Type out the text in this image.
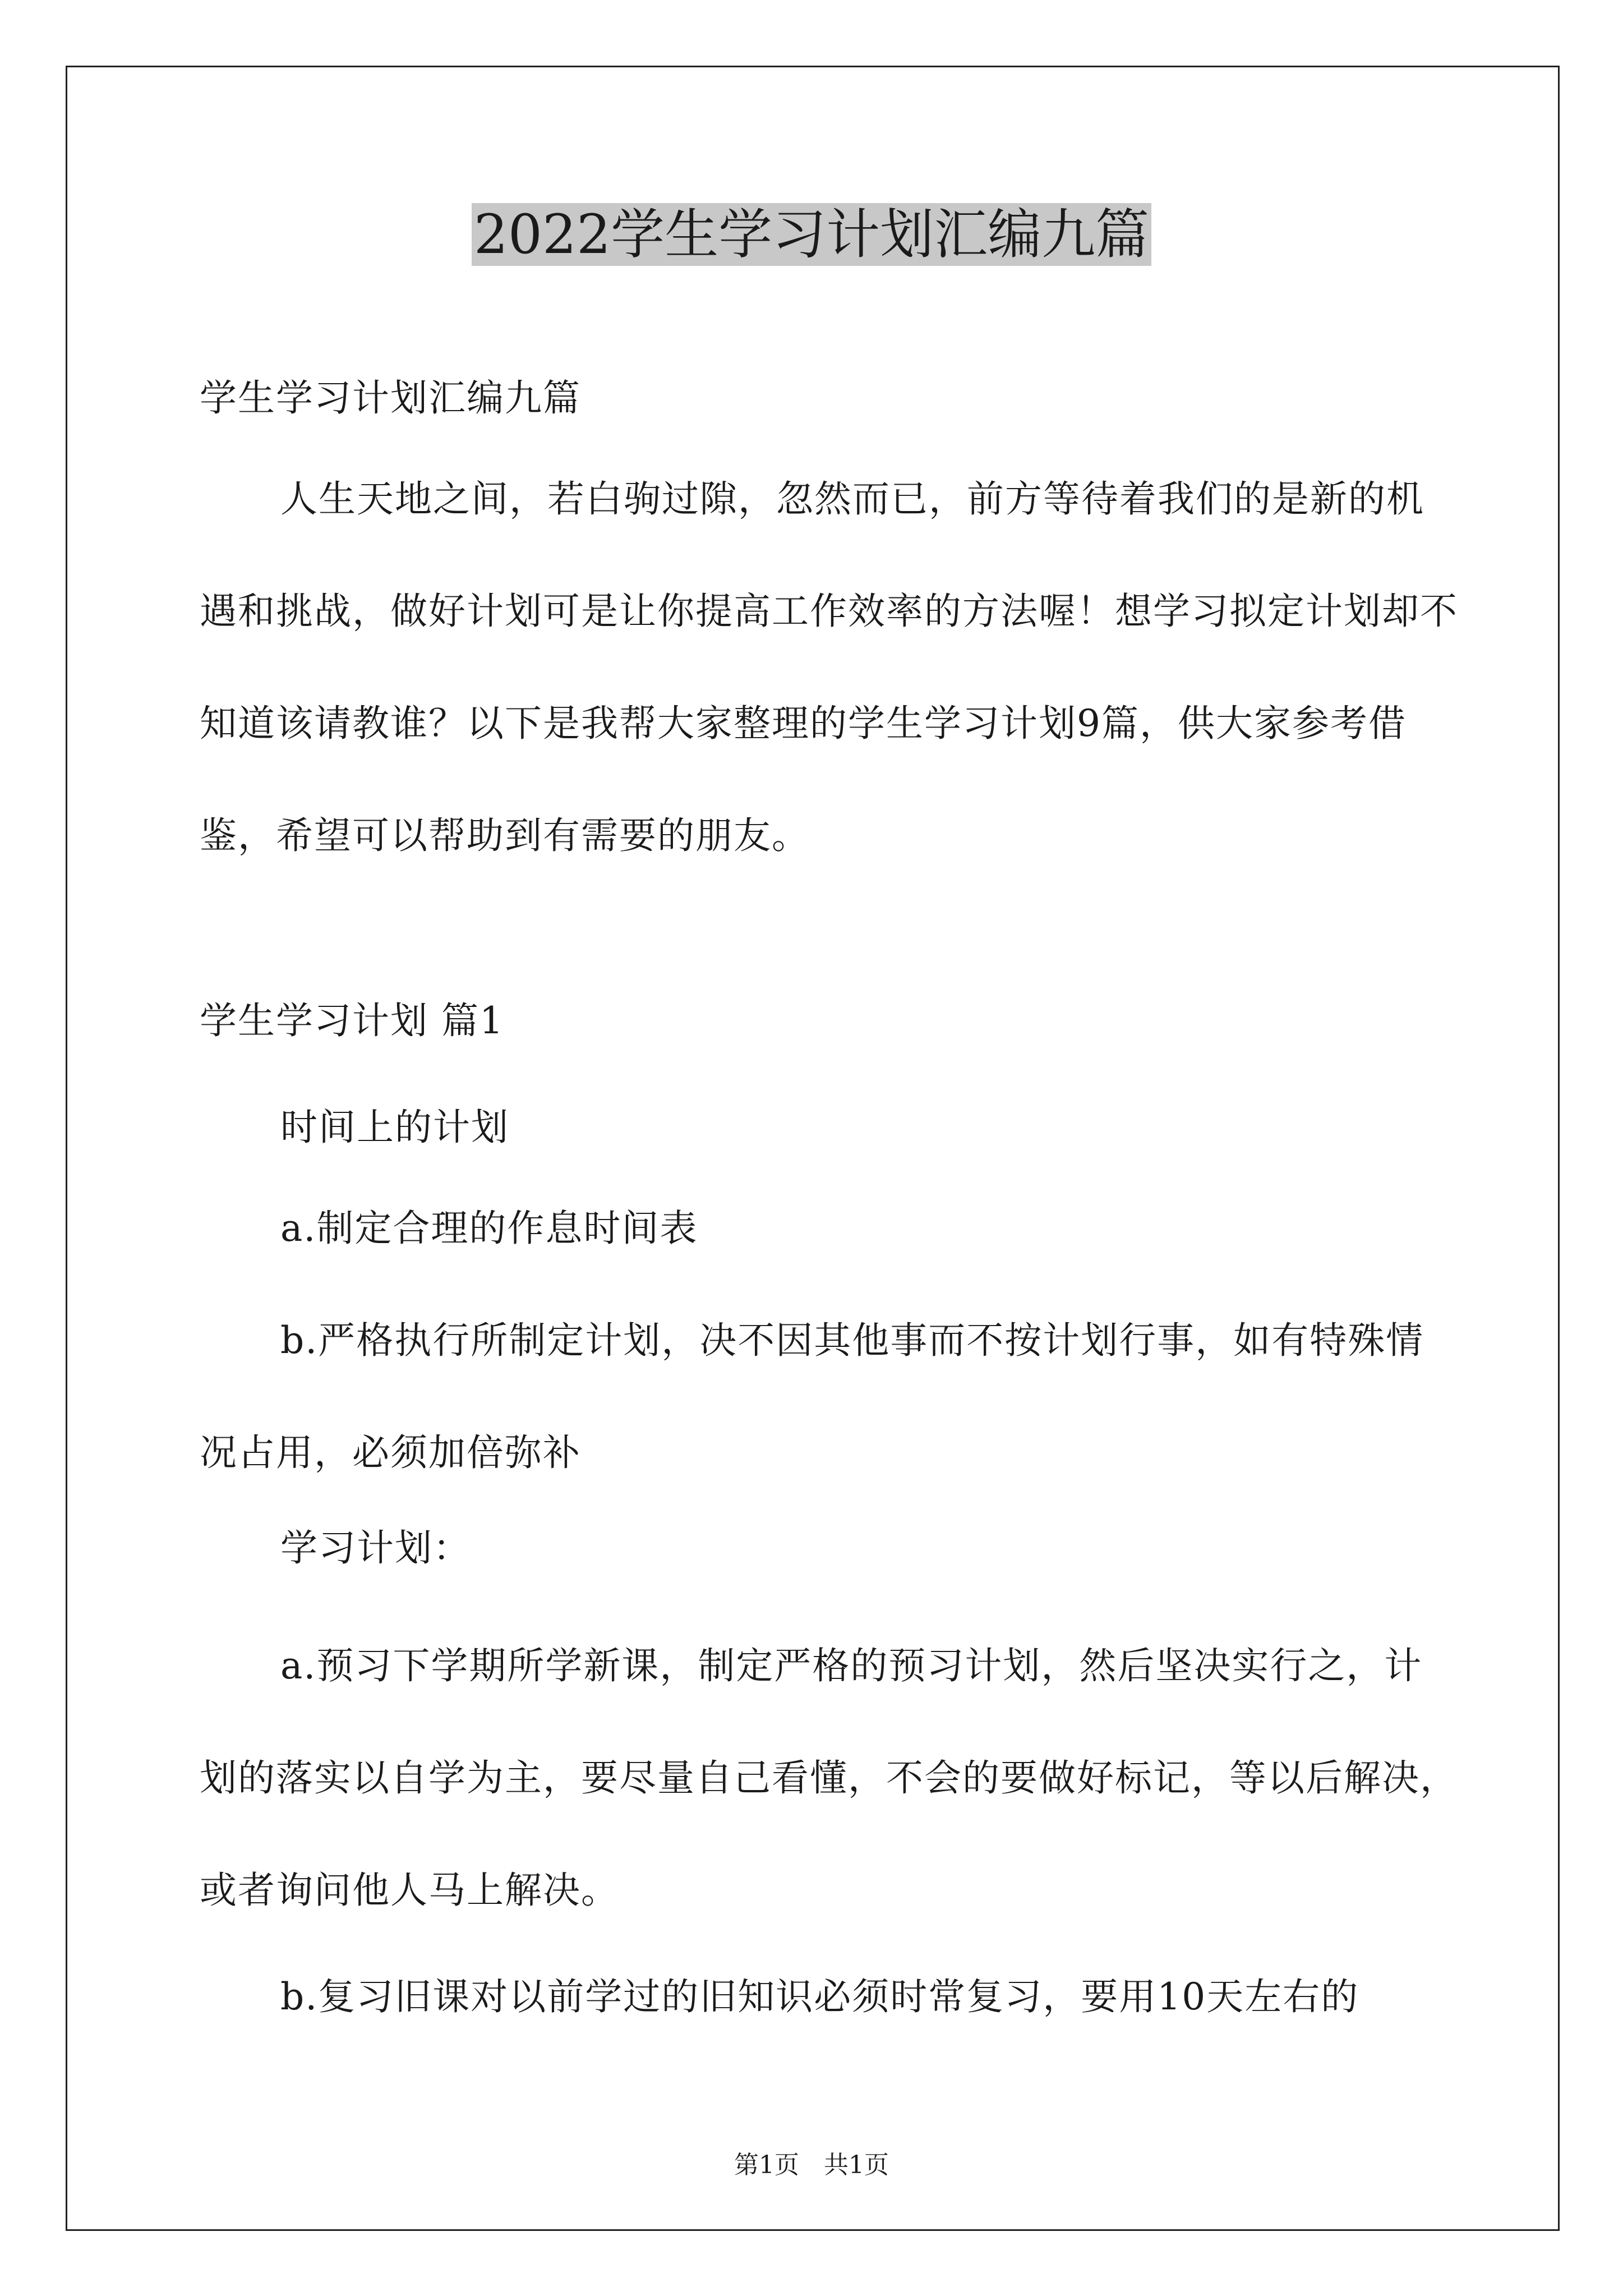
2022学生学习计划汇编九篇

学生学习计划汇编九篇

人生天地之间，若白驹过隙，忽然而已，前方等待着我们的是新的机遇和挑战，做好计划可是让你提高工作效率的方法喔！想学习拟定计划却不知道该请教谁？以下是我帮大家整理的学生学习计划9篇，供大家参考借鉴，希望可以帮助到有需要的朋友。

学生学习计划 篇1

时间上的计划

a.制定合理的作息时间表

b.严格执行所制定计划，决不因其他事而不按计划行事，如有特殊情况占用，必须加倍弥补

学习计划：

a.预习下学期所学新课，制定严格的预习计划，然后坚决实行之，计划的落实以自学为主，要尽量自己看懂，不会的要做好标记，等以后解决，或者询问他人马上解决。

b.复习旧课对以前学过的旧知识必须时常复习，要用10天左右的

第1页　共1页
